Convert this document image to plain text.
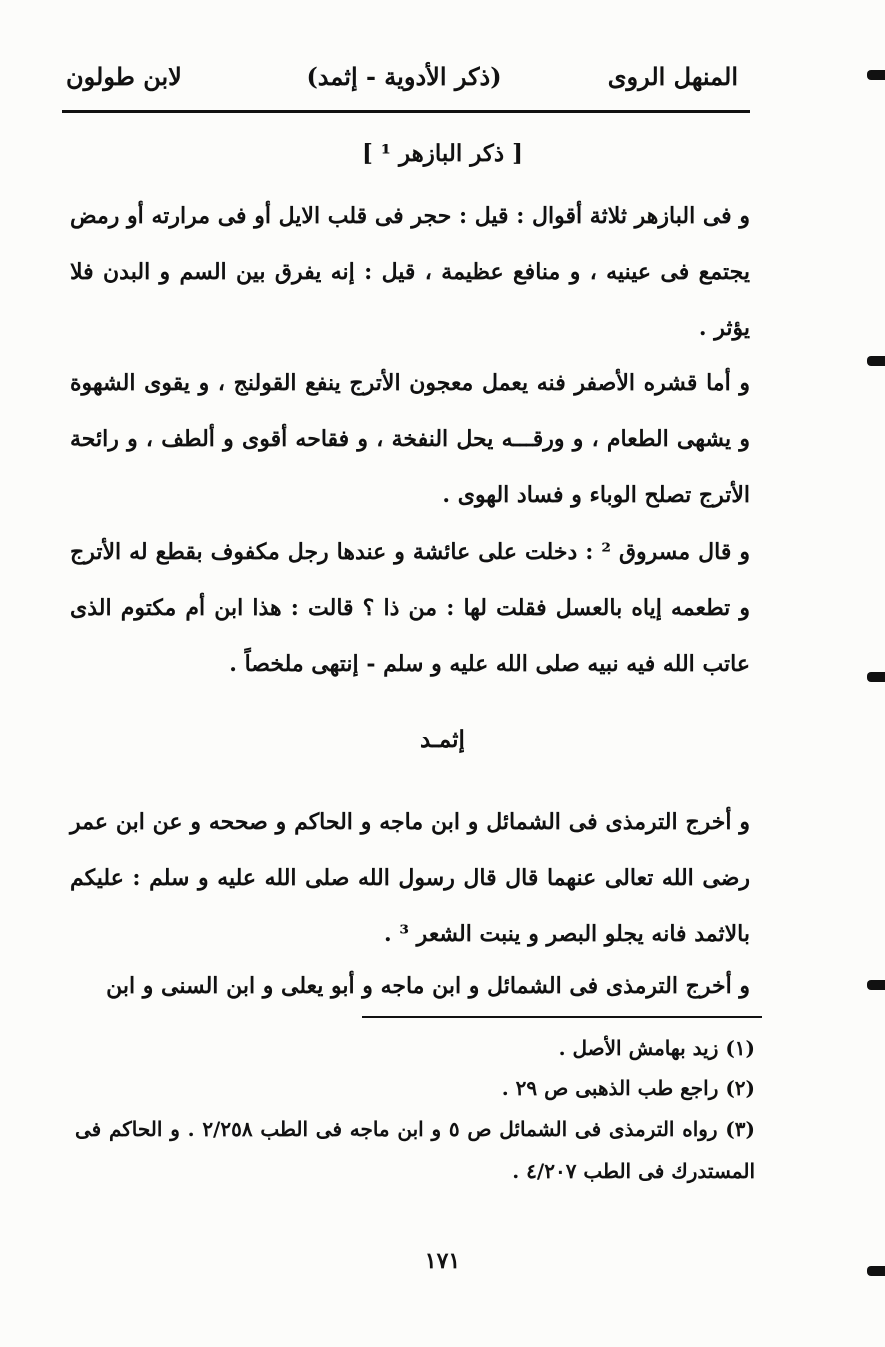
المنهل الروى
(ذكر الأدوية - إثمد)
لابن طولون
[ ذكر البازهر ¹ ]
و فى البازهر ثلاثة أقوال : قيل : حجر فى قلب الايل أو فى مرارته أو رمض يجتمع فى عينيه ، و منافع عظيمة ، قيل : إنه يفرق بين السم و البدن فلا يؤثر .
و أما قشره الأصفر فنه يعمل معجون الأترج ينفع القولنج ، و يقوى الشهوة و يشهى الطعام ، و ورقـــه يحل النفخة ، و فقاحه أقوى و ألطف ، و رائحة الأترج تصلح الوباء و فساد الهوى .
و قال مسروق ² : دخلت على عائشة و عندها رجل مكفوف بقطع له الأترج و تطعمه إياه بالعسل فقلت لها : من ذا ؟ قالت : هذا ابن أم مكتوم الذى عاتب الله فيه نبيه صلى الله عليه و سلم - إنتهى ملخصاً .
إثمـد
و أخرج الترمذى فى الشمائل و ابن ماجه و الحاكم و صححه و عن ابن عمر رضى الله تعالى عنهما قال قال رسول الله صلى الله عليه و سلم : عليكم بالاثمد فانه يجلو البصر و ينبت الشعر ³ .
و أخرج الترمذى فى الشمائل و ابن ماجه و أبو يعلى و ابن السنى و ابن
(١) زيد بهامش الأصل .
(٢) راجع طب الذهبى ص ٢٩ .
(٣) رواه الترمذى فى الشمائل ص ٥ و ابن ماجه فى الطب ٢/٢٥٨ . و الحاكم فى المستدرك فى الطب ٤/٢٠٧ .
١٧١
